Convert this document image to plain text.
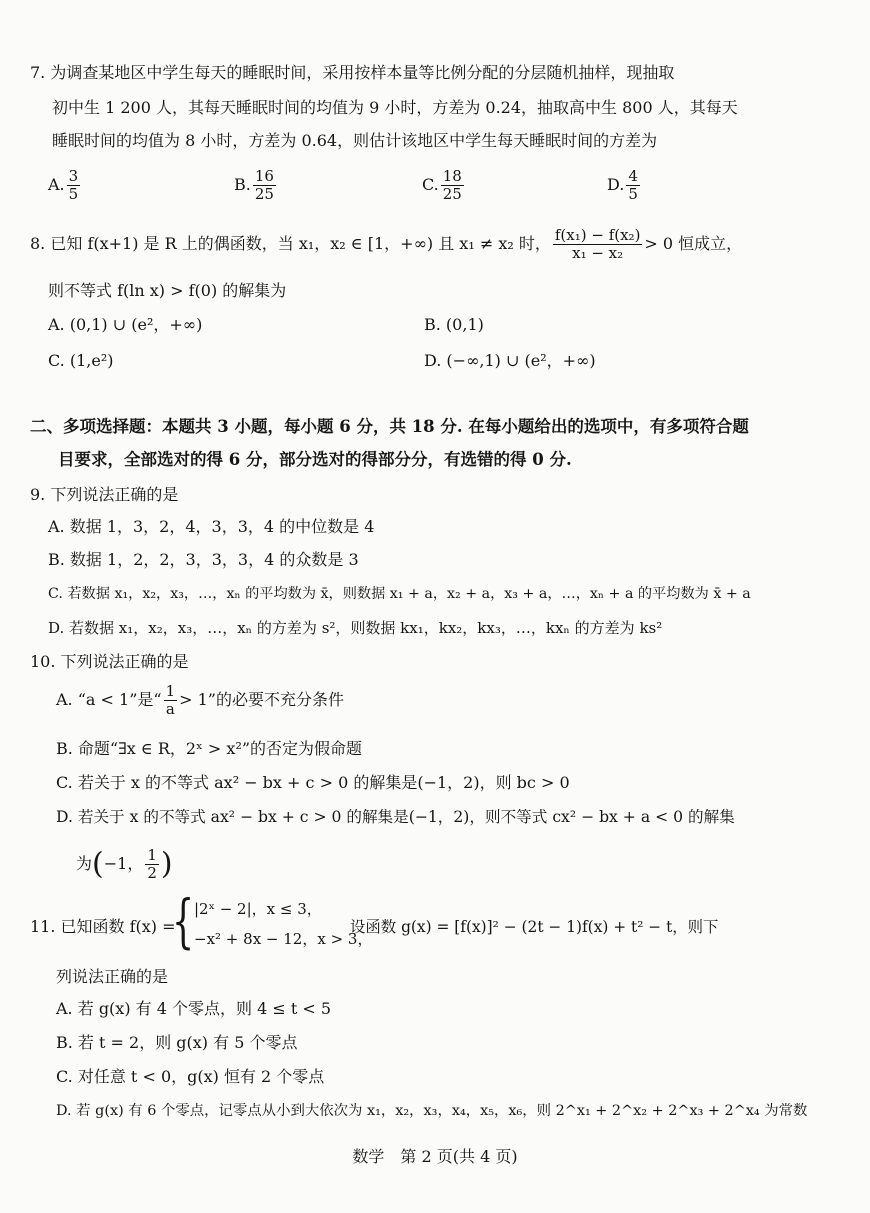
7. 为调查某地区中学生每天的睡眠时间，采用按样本量等比例分配的分层随机抽样，现抽取
初中生 1 200 人，其每天睡眠时间的均值为 9 小时，方差为 0.24，抽取高中生 800 人，其每天
睡眠时间的均值为 8 小时，方差为 0.64，则估计该地区中学生每天睡眠时间的方差为
A. $\frac{3}{5}$	B. $\frac{16}{25}$	C. $\frac{18}{25}$	D. $\frac{4}{5}$
8. 已知 f(x+1) 是 R 上的偶函数，当 x₁，x₂ ∈ [1，+∞) 且 x₁ ≠ x₂ 时， $\frac{\text{f(x₁) − f(x₂)}}{\text{x₁ − x₂}} > 0$ 恒成立，
则不等式 f(ln x) > f(0) 的解集为
A. (0,1) ∪ (e²，+∞)	B. (0,1)
C. (1,e²)	D. (−∞,1) ∪ (e²，+∞)
二、多项选择题：本题共 3 小题，每小题 6 分，共 18 分. 在每小题给出的选项中，有多项符合题
目要求，全部选对的得 6 分，部分选对的得部分分，有选错的得 0 分.
9. 下列说法正确的是
A. 数据 1，3，2，4，3，3，4 的中位数是 4
B. 数据 1，2，2，3，3，3，4 的众数是 3
C. 若数据 x₁，x₂，x₃，…，xₙ 的平均数为 x̄，则数据 x₁ + a，x₂ + a，x₃ + a，…，xₙ + a 的平均数为 x̄ + a
D. 若数据 x₁，x₂，x₃，…，xₙ 的方差为 s²，则数据 kx₁，kx₂，kx₃，…，kxₙ 的方差为 ks²
10. 下列说法正确的是
A. “a < 1”是“ $\frac{1}{a} > 1$”的必要不充分条件
B. 命题“∃x ∈ R，2ˣ > x²”的否定为假命题
C. 若关于 x 的不等式 ax² − bx + c > 0 的解集是(−1，2)，则 bc > 0
D. 若关于 x 的不等式 ax² − bx + c > 0 的解集是(−1，2)，则不等式 cx² − bx + a < 0 的解集
为(−1， $\frac{1}{2}$ )
11. 已知函数 f(x) =
{ |2ˣ − 2|，x ≤ 3，
−x² + 8x − 12，x > 3，
设函数 g(x) = [f(x)]² − (2t − 1)f(x) + t² − t，则下
列说法正确的是
A. 若 g(x) 有 4 个零点，则 4 ≤ t < 5
B. 若 t = 2，则 g(x) 有 5 个零点
C. 对任意 t < 0，g(x) 恒有 2 个零点
D. 若 g(x) 有 6 个零点，记零点从小到大依次为 x₁，x₂，x₃，x₄，x₅，x₆，则 2^x₁ + 2^x₂ + 2^x₃ + 2^x₄ 为常数
数学　第 2 页(共 4 页)
